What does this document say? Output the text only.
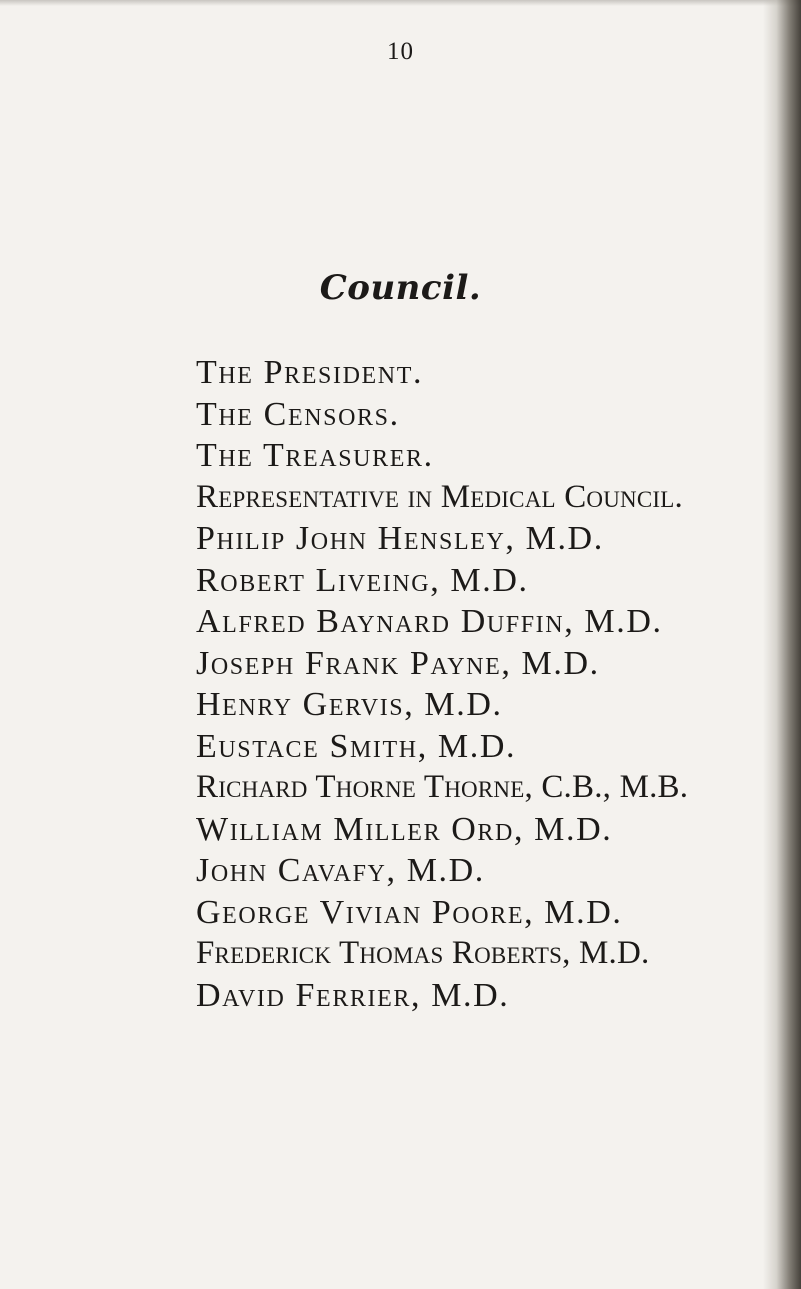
10
Council.
The President.
The Censors.
The Treasurer.
Representative in Medical Council.
Philip John Hensley, M.D.
Robert Liveing, M.D.
Alfred Baynard Duffin, M.D.
Joseph Frank Payne, M.D.
Henry Gervis, M.D.
Eustace Smith, M.D.
Richard Thorne Thorne, C.B., M.B.
William Miller Ord, M.D.
John Cavafy, M.D.
George Vivian Poore, M.D.
Frederick Thomas Roberts, M.D.
David Ferrier, M.D.
